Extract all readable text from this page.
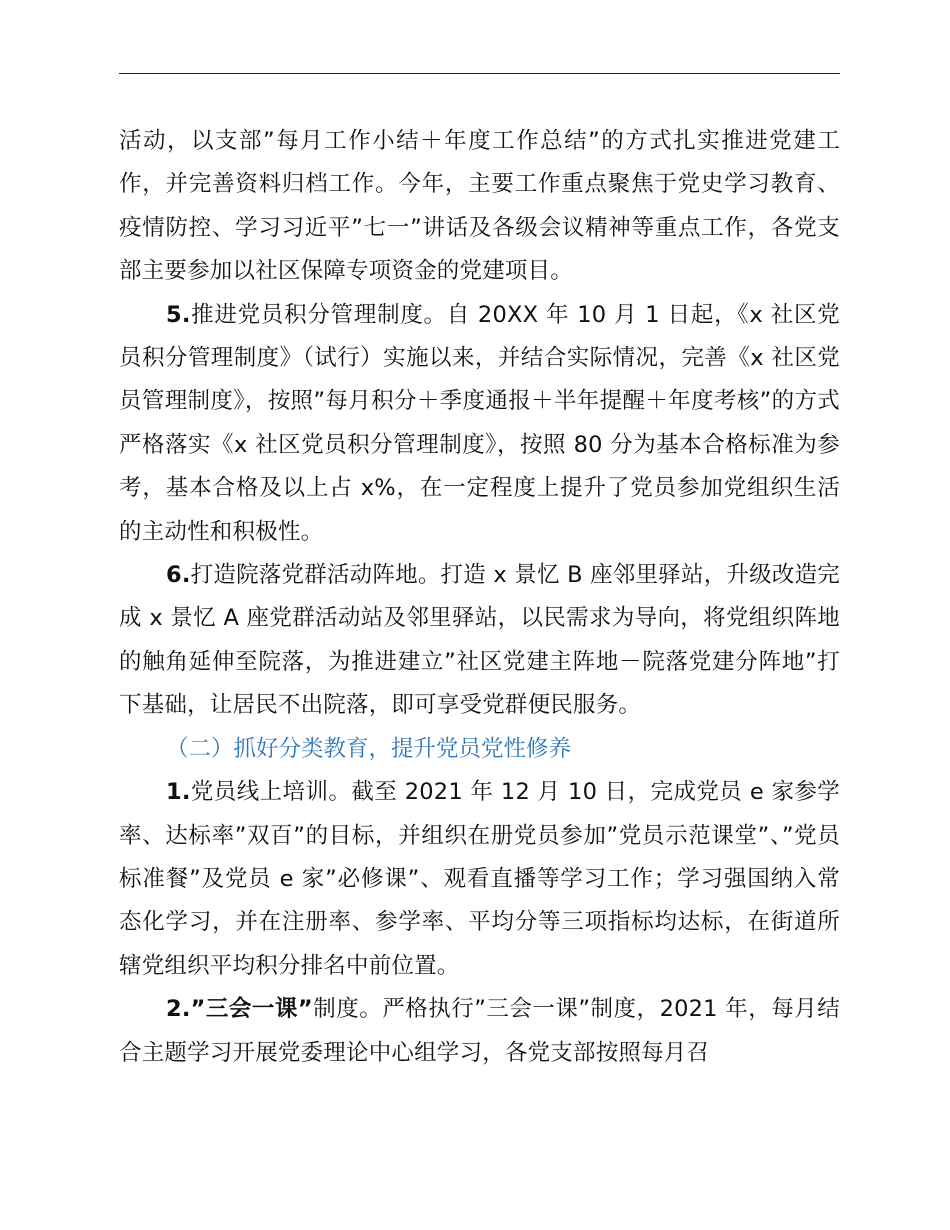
活动，以支部”每月工作小结＋年度工作总结”的方式扎实推进党建工作，并完善资料归档工作。今年，主要工作重点聚焦于党史学习教育、疫情防控、学习习近平”七一”讲话及各级会议精神等重点工作，各党支部主要参加以社区保障专项资金的党建项目。

5.推进党员积分管理制度。自 20XX 年 10 月 1 日起，《x 社区党员积分管理制度》（试行）实施以来，并结合实际情况，完善《x 社区党员管理制度》，按照”每月积分＋季度通报＋半年提醒＋年度考核”的方式严格落实《x 社区党员积分管理制度》，按照 80 分为基本合格标准为参考，基本合格及以上占 x%，在一定程度上提升了党员参加党组织生活的主动性和积极性。

6.打造院落党群活动阵地。打造 x 景忆 B 座邻里驿站，升级改造完成 x 景忆 A 座党群活动站及邻里驿站，以民需求为导向，将党组织阵地的触角延伸至院落，为推进建立”社区党建主阵地－院落党建分阵地”打下基础，让居民不出院落，即可享受党群便民服务。

（二）抓好分类教育，提升党员党性修养

1.党员线上培训。截至 2021 年 12 月 10 日，完成党员 e 家参学率、达标率”双百”的目标，并组织在册党员参加”党员示范课堂”、”党员标准餐”及党员 e 家”必修课”、观看直播等学习工作；学习强国纳入常态化学习，并在注册率、参学率、平均分等三项指标均达标，在街道所辖党组织平均积分排名中前位置。

2.”三会一课”制度。严格执行”三会一课”制度，2021 年，每月结合主题学习开展党委理论中心组学习，各党支部按照每月召
